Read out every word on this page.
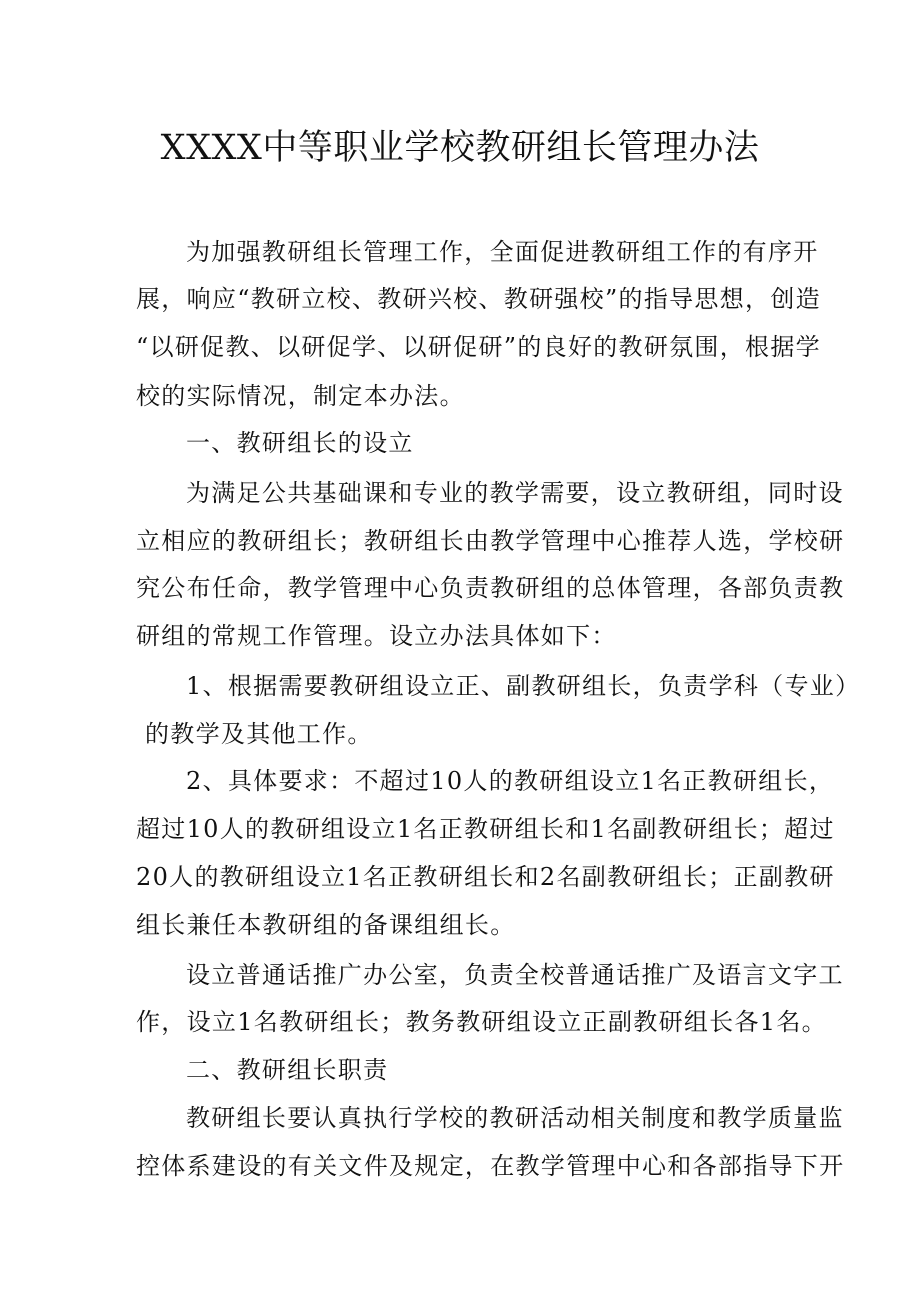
XXXX中等职业学校教研组长管理办法
为加强教研组长管理工作，全面促进教研组工作的有序开
展，响应“教研立校、教研兴校、教研强校”的指导思想，创造
“以研促教、以研促学、以研促研”的良好的教研氛围，根据学
校的实际情况，制定本办法。
一、教研组长的设立
为满足公共基础课和专业的教学需要，设立教研组，同时设
立相应的教研组长；教研组长由教学管理中心推荐人选，学校研
究公布任命，教学管理中心负责教研组的总体管理，各部负责教
研组的常规工作管理。设立办法具体如下：
1、根据需要教研组设立正、副教研组长，负责学科（专业）
的教学及其他工作。
2、具体要求：不超过10人的教研组设立1名正教研组长，
超过10人的教研组设立1名正教研组长和1名副教研组长；超过
20人的教研组设立1名正教研组长和2名副教研组长；正副教研
组长兼任本教研组的备课组组长。
设立普通话推广办公室，负责全校普通话推广及语言文字工
作，设立1名教研组长；教务教研组设立正副教研组长各1名。
二、教研组长职责
教研组长要认真执行学校的教研活动相关制度和教学质量监
控体系建设的有关文件及规定，在教学管理中心和各部指导下开
